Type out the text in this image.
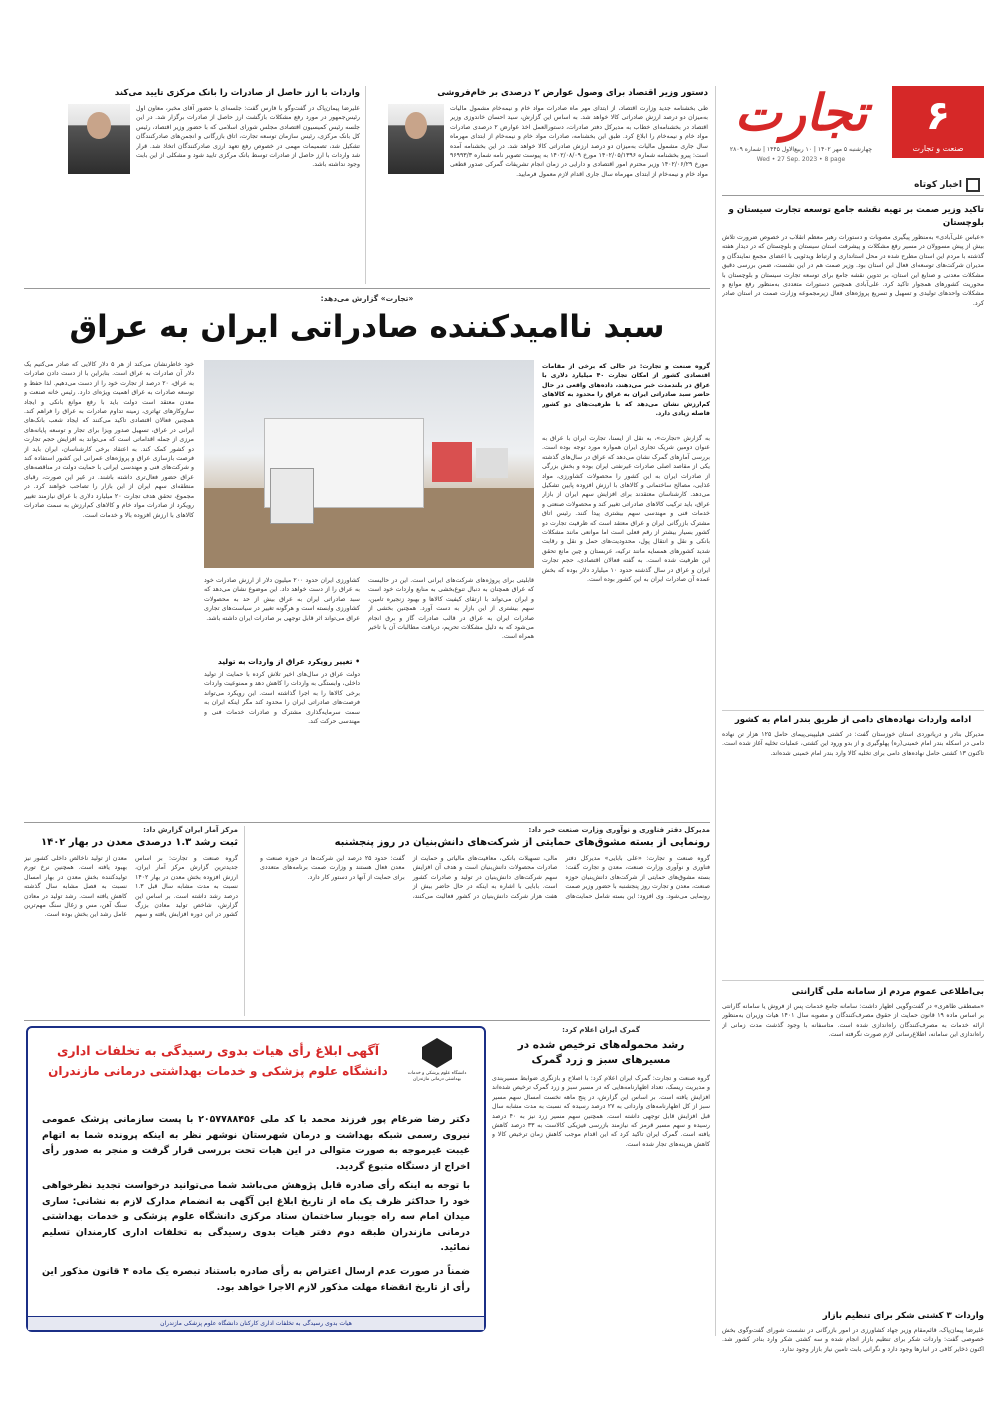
۶
صنعت و تجارت
تجارت
چهارشنبه ۵ مهر ۱۴۰۲ | ۱۰ ربیع‌الاول ۱۴۴۵ | شماره ۲۸۰۹
Wed • 27 Sep. 2023 • 8 page
اخبار کوتاه
تاکید وزیر صمت بر تهیه نقشه جامع توسعه تجارت سیستان و بلوچستان
«عباس علی‌آبادی» به‌منظور پیگیری مصوبات و دستورات رهبر معظم انقلاب در خصوص ضرورت تلاش بیش از پیش مسوولان در مسیر رفع مشکلات و پیشرفت استان سیستان و بلوچستان که در دیدار هفته گذشته با مردم این استان مطرح شده در محل استانداری و ارتباط ویدئویی با اعضای مجمع نمایندگان و مدیران شرکت‌های توسعه‌ای فعال این استان بود. وزیر صمت هم در این نشست، ضمن بررسی دقیق مشکلات معدنی و صنایع این استان، بر تدوین نقشه جامع برای توسعه تجارت سیستان و بلوچستان با محوریت کشورهای همجوار تاکید کرد. علی‌آبادی همچنین دستورات متعددی به‌منظور رفع موانع و مشکلات واحدهای تولیدی و تسهیل و تسریع پروژه‌های فعال زیرمجموعه وزارت صمت در استان صادر کرد.
ادامه واردات نهاده‌های دامی از طریق بندر امام به کشور
مدیرکل بنادر و دریانوردی استان خوزستان گفت: در کشتی فیلیپینی‌پیمای حامل ۱۲۵ هزار تن نهاده دامی در اسکله بندر امام خمینی(ره) پهلوگیری و از بدو ورود این کشتی، عملیات تخلیه آغاز شده است. تاکنون ۱۳ کشتی حامل نهاده‌های دامی برای تخلیه کالا وارد بندر امام خمینی شده‌اند.
بی‌اطلاعی عموم مردم از سامانه ملی گارانتی
«مصطفی طاهری» در گفت‌وگویی اظهار داشت: سامانه جامع خدمات پس از فروش یا سامانه گارانتی بر اساس ماده ۱۹ قانون حمایت از حقوق مصرف‌کنندگان و مصوبه سال ۱۴۰۱ هیات وزیران به‌منظور ارائه خدمات به مصرف‌کنندگان راه‌اندازی شده است. متاسفانه با وجود گذشت مدت زمانی از راه‌اندازی این سامانه، اطلاع‌رسانی لازم صورت نگرفته است.
واردات ۳ کشتی شکر برای تنظیم بازار
علیرضا پیمان‌پاک، قائم‌مقام وزیر جهاد کشاورزی در امور بازرگانی در نشست شورای گفت‌وگوی بخش خصوصی گفت: واردات شکر برای تنظیم بازار انجام شده و سه کشتی شکر وارد بنادر کشور شد. اکنون ذخایر کافی در انبارها وجود دارد و نگرانی بابت تامین نیاز بازار وجود ندارد.
دستور وزیر اقتصاد برای وصول عوارض ۲ درصدی بر خام‌فروشی
طی بخشنامه جدید وزارت اقتصاد، از ابتدای مهر ماه صادرات مواد خام و نیمه‌خام مشمول مالیات به‌میزان دو درصد ارزش صادراتی کالا خواهد شد. به اساس این گزارش، سید احسان خاندوزی وزیر اقتصاد در بخشنامه‌ای خطاب به مدیرکل دفتر صادرات، دستورالعمل اخذ عوارض ۲ درصدی صادرات مواد خام و نیمه‌خام را ابلاغ کرد. طبق این بخشنامه، صادرات مواد خام و نیمه‌خام از ابتدای مهرماه سال جاری مشمول مالیات به‌میزان دو درصد ارزش صادراتی کالا خواهد شد. در این بخشنامه آمده است: پیرو بخشنامه شماره ۱۴۰۲/۰۵/۱۳۹۶ مورخ ۱۴۰۲/۰۸/۰۹ به پیوست تصویر نامه شماره ۹۶۹۹۳/۳ مورخ ۱۴۰۲/۰۶/۲۹ وزیر محترم امور اقتصادی و دارایی در زمان انجام تشریفات گمرکی صدور قطعی مواد خام و نیمه‌خام از ابتدای مهرماه سال جاری اقدام لازم معمول فرمایید.
واردات با ارز حاصل از صادرات را بانک مرکزی تایید می‌کند
علیرضا پیمان‌پاک در گفت‌وگو با فارس گفت: جلسه‌ای با حضور آقای مخبر، معاون اول رئیس‌جمهور در مورد رفع مشکلات بازگشت ارز حاصل از صادرات برگزار شد. در این جلسه رئیس کمیسیون اقتصادی مجلس شورای اسلامی که با حضور وزیر اقتصاد، رئیس کل بانک مرکزی، رئیس سازمان توسعه تجارت، اتاق بازرگانی و انجمن‌های صادرکنندگان تشکیل شد، تصمیمات مهمی در خصوص رفع تعهد ارزی صادرکنندگان اتخاذ شد. قرار شد واردات با ارز حاصل از صادرات توسط بانک مرکزی تایید شود و مشکلی از این بابت وجود نداشته باشد.
«تجارت» گزارش می‌دهد:
سبد ناامیدکننده صادراتی ایران به عراق
گروه صنعت و تجارت: در حالی که برخی از مقامات اقتصادی کشور از امکان تجارت ۴۰ میلیارد دلاری با عراق در بلندمدت خبر می‌دهند، داده‌های واقعی در حال حاضر سبد صادراتی ایران به عراق را محدود به کالاهای کم‌ارزش نشان می‌دهد که با ظرفیت‌های دو کشور فاصله زیادی دارد.
به گزارش «تجارت»، به نقل از ایسنا، تجارت ایران با عراق به عنوان دومین شریک تجاری ایران همواره مورد توجه بوده است. بررسی آمارهای گمرک نشان می‌دهد که عراق در سال‌های گذشته یکی از مقاصد اصلی صادرات غیرنفتی ایران بوده و بخش بزرگی از صادرات ایران به این کشور را محصولات کشاورزی، مواد غذایی، مصالح ساختمانی و کالاهای با ارزش افزوده پایین تشکیل می‌دهد. کارشناسان معتقدند برای افزایش سهم ایران از بازار عراق، باید ترکیب کالاهای صادراتی تغییر کند و محصولات صنعتی و خدمات فنی و مهندسی سهم بیشتری پیدا کنند. رئیس اتاق مشترک بازرگانی ایران و عراق معتقد است که ظرفیت تجارت دو کشور بسیار بیشتر از رقم فعلی است اما موانعی مانند مشکلات بانکی و نقل و انتقال پول، محدودیت‌های حمل و نقل و رقابت شدید کشورهای همسایه مانند ترکیه، عربستان و چین مانع تحقق این ظرفیت شده است. به گفته فعالان اقتصادی، حجم تجارت ایران و عراق در سال گذشته حدود ۱۰ میلیارد دلار بوده که بخش عمده آن صادرات ایران به این کشور بوده است.
قابلیتی برای پروژه‌های شرکت‌های ایرانی است. این در حالیست که عراق همچنان به دنبال تنوع‌بخشی به منابع واردات خود است و ایران می‌تواند با ارتقای کیفیت کالاها و بهبود زنجیره تامین، سهم بیشتری از این بازار به دست آورد. همچنین بخشی از صادرات ایران به عراق در قالب صادرات گاز و برق انجام می‌شود که به دلیل مشکلات تحریم، دریافت مطالبات آن با تاخیر همراه است.
کشاورزی ایران حدود ۲۰۰ میلیون دلار از ارزش صادرات خود به عراق را از دست خواهد داد. این موضوع نشان می‌دهد که سبد صادراتی ایران به عراق بیش از حد به محصولات کشاورزی وابسته است و هرگونه تغییر در سیاست‌های تجاری عراق می‌تواند اثر قابل توجهی بر صادرات ایران داشته باشد.
• تغییر رویکرد عراق از واردات به تولید
دولت عراق در سال‌های اخیر تلاش کرده با حمایت از تولید داخلی، وابستگی به واردات را کاهش دهد و ممنوعیت واردات برخی کالاها را به اجرا گذاشته است. این رویکرد می‌تواند فرصت‌های صادراتی ایران را محدود کند مگر اینکه ایران به سمت سرمایه‌گذاری مشترک و صادرات خدمات فنی و مهندسی حرکت کند.
خود خاطرنشان می‌کند از هر ۵ دلار کالایی که صادر می‌کنیم یک دلار آن صادرات به عراق است. بنابراین با از دست دادن صادرات به عراق، ۲۰ درصد از تجارت خود را از دست می‌دهیم. لذا حفظ و توسعه صادرات به عراق اهمیت ویژه‌ای دارد. رئیس خانه صنعت و معدن معتقد است دولت باید با رفع موانع بانکی و ایجاد سازوکارهای تهاتری، زمینه تداوم صادرات به عراق را فراهم کند. همچنین فعالان اقتصادی تاکید می‌کنند که ایجاد شعب بانک‌های ایرانی در عراق، تسهیل صدور ویزا برای تجار و توسعه پایانه‌های مرزی از جمله اقداماتی است که می‌تواند به افزایش حجم تجارت دو کشور کمک کند. به اعتقاد برخی کارشناسان، ایران باید از فرصت بازسازی عراق و پروژه‌های عمرانی این کشور استفاده کند و شرکت‌های فنی و مهندسی ایرانی با حمایت دولت در مناقصه‌های عراق حضور فعال‌تری داشته باشند. در غیر این صورت، رقبای منطقه‌ای سهم ایران از این بازار را تصاحب خواهند کرد. در مجموع، تحقق هدف تجارت ۲۰ میلیارد دلاری با عراق نیازمند تغییر رویکرد از صادرات مواد خام و کالاهای کم‌ارزش به سمت صادرات کالاهای با ارزش افزوده بالا و خدمات است.
مدیرکل دفتر فناوری و نوآوری وزارت صنعت خبر داد:
رونمایی از بسته مشوق‌های حمایتی از شرکت‌های دانش‌بنیان در روز پنجشنبه
گروه صنعت و تجارت: «علی بابایی» مدیرکل دفتر فناوری و نوآوری وزارت صنعت، معدن و تجارت گفت: بسته مشوق‌های حمایتی از شرکت‌های دانش‌بنیان حوزه صنعت، معدن و تجارت روز پنجشنبه با حضور وزیر صمت رونمایی می‌شود. وی افزود: این بسته شامل حمایت‌های مالی، تسهیلات بانکی، معافیت‌های مالیاتی و حمایت از صادرات محصولات دانش‌بنیان است و هدف آن افزایش سهم شرکت‌های دانش‌بنیان در تولید و صادرات کشور است. بابایی با اشاره به اینکه در حال حاضر بیش از هفت هزار شرکت دانش‌بنیان در کشور فعالیت می‌کنند، گفت: حدود ۲۵ درصد این شرکت‌ها در حوزه صنعت و معدن فعال هستند و وزارت صمت برنامه‌های متعددی برای حمایت از آنها در دستور کار دارد.
مرکز آمار ایران گزارش داد:
ثبت رشد ۱.۳ درصدی معدن در بهار ۱۴۰۲
گروه صنعت و تجارت: بر اساس جدیدترین گزارش مرکز آمار ایران، ارزش افزوده بخش معدن در بهار ۱۴۰۲ نسبت به مدت مشابه سال قبل ۱.۳ درصد رشد داشته است. بر اساس این گزارش، شاخص تولید معادن بزرگ کشور در این دوره افزایش یافته و سهم معدن از تولید ناخالص داخلی کشور نیز بهبود یافته است. همچنین نرخ تورم تولیدکننده بخش معدن در بهار امسال نسبت به فصل مشابه سال گذشته کاهش یافته است. رشد تولید در معادن سنگ آهن، مس و زغال سنگ مهم‌ترین عامل رشد این بخش بوده است.
گمرک ایران اعلام کرد:
رشد محموله‌های ترخیص شده در مسیرهای سبز و زرد گمرک
گروه صنعت و تجارت: گمرک ایران اعلام کرد: با اصلاح و بازنگری ضوابط مسیربندی و مدیریت ریسک، تعداد اظهارنامه‌هایی که در مسیر سبز و زرد گمرک ترخیص شده‌اند افزایش یافته است. بر اساس این گزارش، در پنج ماهه نخست امسال سهم مسیر سبز از کل اظهارنامه‌های وارداتی به ۲۷ درصد رسیده که نسبت به مدت مشابه سال قبل افزایش قابل توجهی داشته است. همچنین سهم مسیر زرد نیز به ۴۰ درصد رسیده و سهم مسیر قرمز که نیازمند بازرسی فیزیکی کالاست به ۳۳ درصد کاهش یافته است. گمرک ایران تاکید کرد که این اقدام موجب کاهش زمان ترخیص کالا و کاهش هزینه‌های تجار شده است.
دانشگاه علوم پزشکی و خدمات بهداشتی درمانی مازندران
آگهی ابلاغ رأی هیات بدوی رسیدگی به تخلفات اداری
دانشگاه علوم پزشکی و خدمات بهداشتی درمانی مازندران
دکتر رضا ضرغام پور فرزند محمد با کد ملی ۲۰۵۷۷۸۸۴۵۶ با پست سازمانی پزشک عمومی نیروی رسمی شبکه بهداشت و درمان شهرستان نوشهر نظر به اینکه پرونده شما به اتهام غیبت غیرموجه به صورت متوالی در این هیات تحت بررسی قرار گرفت و منجر به صدور رأی اخراج از دستگاه متبوع گردید.
با توجه به اینکه رأی صادره قابل پژوهش می‌باشد شما می‌توانید درخواست تجدید نظرخواهی خود را حداکثر ظرف یک ماه از تاریخ ابلاغ این آگهی به انضمام مدارک لازم به نشانی: ساری میدان امام سه راه جویبار ساختمان ستاد مرکزی دانشگاه علوم پزشکی و خدمات بهداشتی درمانی مازندران طبقه دوم دفتر هیات بدوی رسیدگی به تخلفات اداری کارمندان تسلیم نمائید.
ضمناً در صورت عدم ارسال اعتراض به رأی صادره باستناد تبصره یک ماده ۴ قانون مذکور این رأی از تاریخ انقضاء مهلت مذکور لازم الاجرا خواهد بود.
هیات بدوی رسیدگی به تخلفات اداری کارکنان دانشگاه علوم پزشکی مازندران
